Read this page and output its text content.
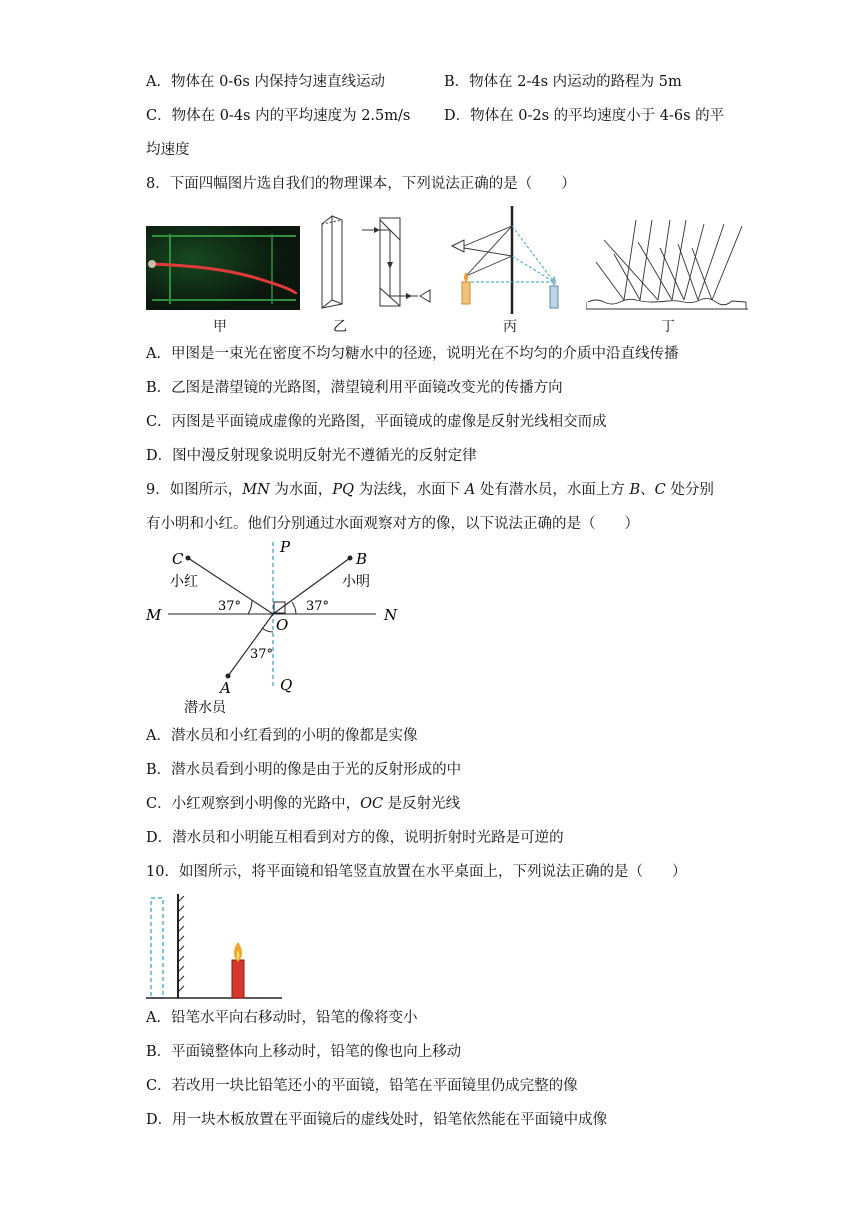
A．物体在 0-6s 内保持匀速直线运动	B．物体在 2-4s 内运动的路程为 5m
C．物体在 0-4s 内的平均速度为 2.5m/s D．物体在 0-2s 的平均速度小于 4-6s 的平
均速度
8．下面四幅图片选自我们的物理课本，下列说法正确的是（　　）
甲	乙	丙	丁
A．甲图是一束光在密度不均匀糖水中的径迹，说明光在不均匀的介质中沿直线传播
B．乙图是潜望镜的光路图，潜望镜利用平面镜改变光的传播方向
C．丙图是平面镜成虚像的光路图，平面镜成的虚像是反射光线相交而成
D．图中漫反射现象说明反射光不遵循光的反射定律
9．如图所示，MN 为水面，PQ 为法线，水面下 A 处有潜水员，水面上方 B、C 处分别
有小明和小红。他们分别通过水面观察对方的像，以下说法正确的是（　　）
C
小红
B
小明
P
M	N
O
37°	37°
37°
Q
A
潜水员
A．潜水员和小红看到的小明的像都是实像
B．潜水员看到小明的像是由于光的反射形成的中
C．小红观察到小明像的光路中，OC 是反射光线
D．潜水员和小明能互相看到对方的像，说明折射时光路是可逆的
10．如图所示，将平面镜和铅笔竖直放置在水平桌面上，下列说法正确的是（　　）
A．铅笔水平向右移动时，铅笔的像将变小
B．平面镜整体向上移动时，铅笔的像也向上移动
C．若改用一块比铅笔还小的平面镜，铅笔在平面镜里仍成完整的像
D．用一块木板放置在平面镜后的虚线处时，铅笔依然能在平面镜中成像
